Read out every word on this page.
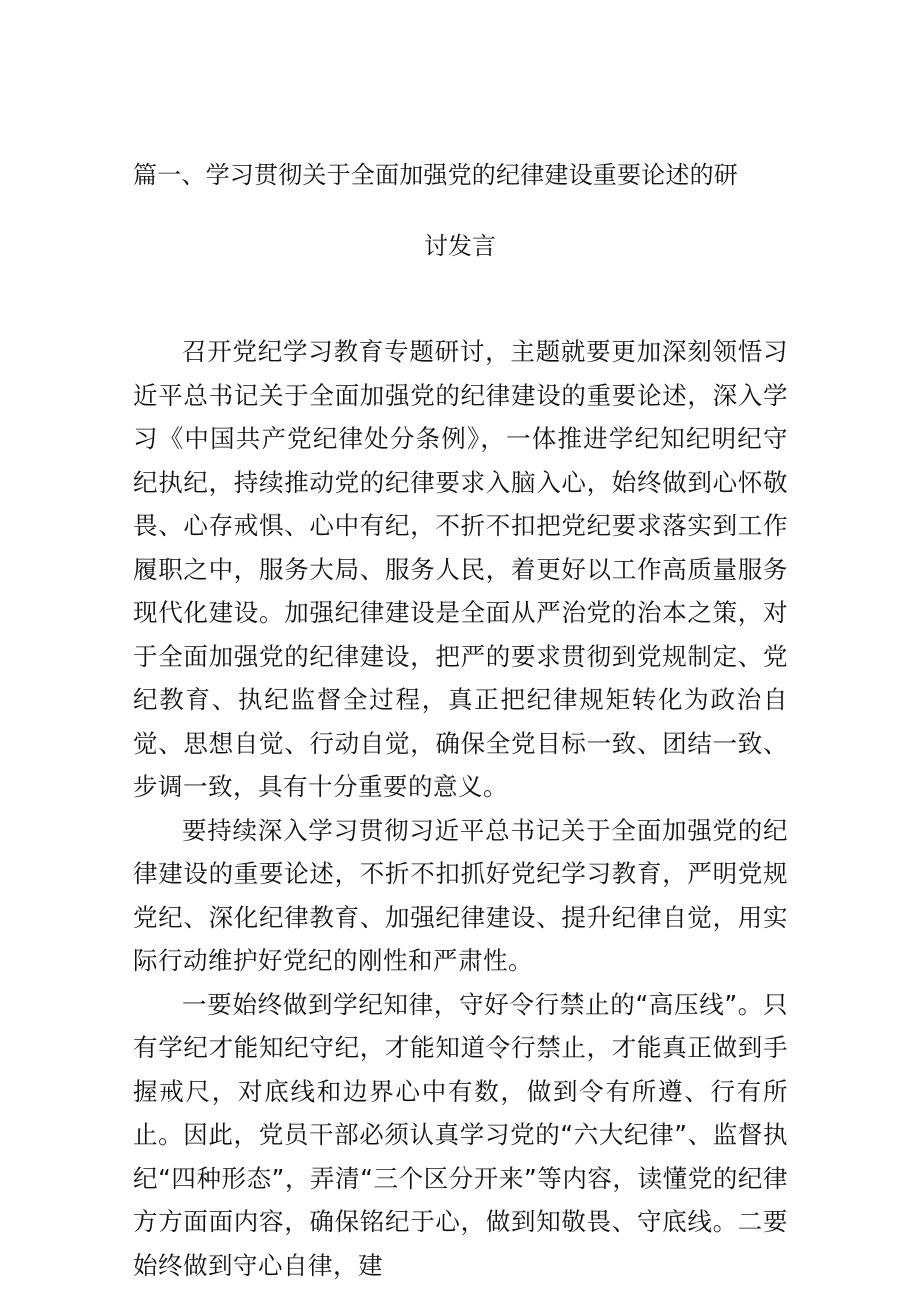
篇一、学习贯彻关于全面加强党的纪律建设重要论述的研
讨发言

召开党纪学习教育专题研讨，主题就要更加深刻领悟习近平总书记关于全面加强党的纪律建设的重要论述，深入学习《中国共产党纪律处分条例》，一体推进学纪知纪明纪守纪执纪，持续推动党的纪律要求入脑入心，始终做到心怀敬畏、心存戒惧、心中有纪，不折不扣把党纪要求落实到工作履职之中，服务大局、服务人民，着更好以工作高质量服务现代化建设。加强纪律建设是全面从严治党的治本之策，对于全面加强党的纪律建设，把严的要求贯彻到党规制定、党纪教育、执纪监督全过程，真正把纪律规矩转化为政治自觉、思想自觉、行动自觉，确保全党目标一致、团结一致、步调一致，具有十分重要的意义。

要持续深入学习贯彻习近平总书记关于全面加强党的纪律建设的重要论述，不折不扣抓好党纪学习教育，严明党规党纪、深化纪律教育、加强纪律建设、提升纪律自觉，用实际行动维护好党纪的刚性和严肃性。

一要始终做到学纪知律，守好令行禁止的“高压线”。只有学纪才能知纪守纪，才能知道令行禁止，才能真正做到手握戒尺，对底线和边界心中有数，做到令有所遵、行有所止。因此，党员干部必须认真学习党的“六大纪律”、监督执纪“四种形态”，弄清“三个区分开来”等内容，读懂党的纪律方方面面内容，确保铭纪于心，做到知敬畏、守底线。二要始终做到守心自律，建
